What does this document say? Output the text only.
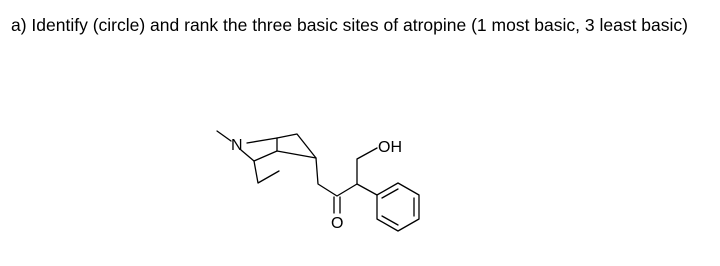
a) Identify (circle) and rank the three basic sites of atropine (1 most basic, 3 least basic)
N	OH
O
